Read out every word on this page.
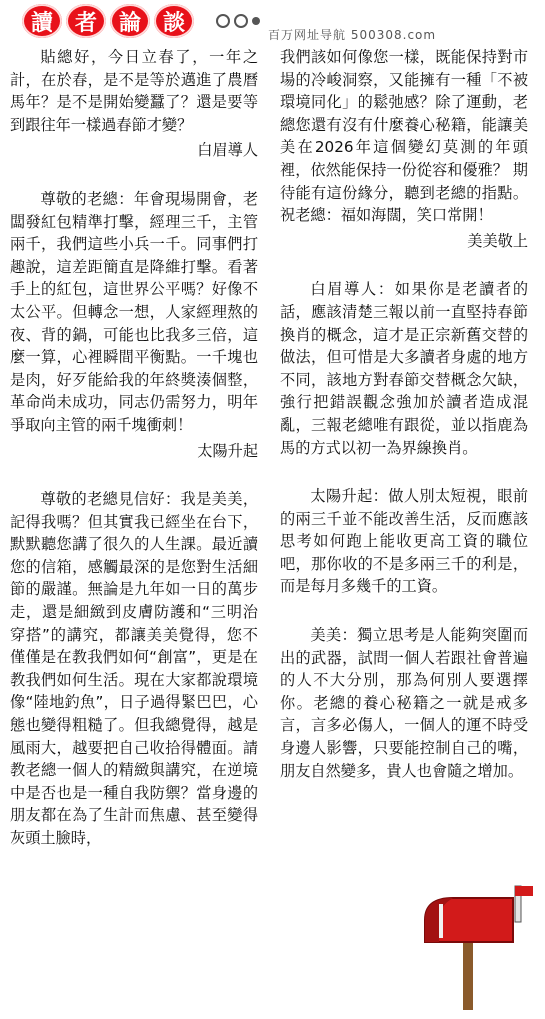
讀 者 論 談	百万网址导航 500308.com

貼總好，今日立春了，一年之計，在於春，是不是等於邁進了農曆馬年？是不是開始變蠶了？還是要等到跟往年一樣過春節才變？

白眉導人

尊敬的老總：年會現場開會，老闆發紅包精準打擊，經理三千，主管兩千，我們這些小兵一千。同事們打趣說，這差距簡直是降維打擊。看著手上的紅包，這世界公平嗎？好像不太公平。但轉念一想，人家經理熬的夜、背的鍋，可能也比我多三倍，這麼一算，心裡瞬間平衡點。一千塊也是肉，好歹能給我的年終獎湊個整，革命尚未成功，同志仍需努力，明年爭取向主管的兩千塊衝刺！

太陽升起

尊敬的老總見信好：我是美美，記得我嗎？但其實我已經坐在台下，默默聽您講了很久的人生課。最近讀您的信箱，感觸最深的是您對生活細節的嚴謹。無論是九年如一日的萬步走，還是細緻到皮膚防護和“三明治穿搭”的講究，都讓美美覺得，您不僅僅是在教我們如何“創富”，更是在教我們如何生活。現在大家都說環境像“陸地釣魚”，日子過得緊巴巴，心態也變得粗糙了。但我總覺得，越是風雨大，越要把自己收拾得體面。請教老總一個人的精緻與講究，在逆境中是否也是一種自我防禦？當身邊的朋友都在為了生計而焦慮、甚至變得灰頭土臉時，

我們該如何像您一樣，既能保持對市場的冷峻洞察，又能擁有一種「不被環境同化」的鬆弛感？除了運動，老總您還有沒有什麼養心秘籍，能讓美美在2026年這個變幻莫測的年頭裡，依然能保持一份從容和優雅？ 期待能有這份緣分，聽到老總的指點。祝老總：福如海闊，笑口常開！

美美敬上

白眉導人：如果你是老讀者的話，應該清楚三報以前一直堅持春節換肖的概念，這才是正宗新舊交替的做法，但可惜是大多讀者身處的地方不同，該地方對春節交替概念欠缺，強行把錯誤觀念強加於讀者造成混亂，三報老總唯有跟從，並以指鹿為馬的方式以初一為界線換肖。

太陽升起：做人別太短視，眼前的兩三千並不能改善生活，反而應該思考如何跑上能收更高工資的職位吧，那你收的不是多兩三千的利是，而是每月多幾千的工資。

美美：獨立思考是人能夠突圍而出的武器，試問一個人若跟社會普遍的人不大分別，那為何別人要選擇你。老總的養心秘籍之一就是戒多言，言多必傷人，一個人的運不時受身邊人影響，只要能控制自己的嘴，朋友自然變多，貴人也會隨之增加。
